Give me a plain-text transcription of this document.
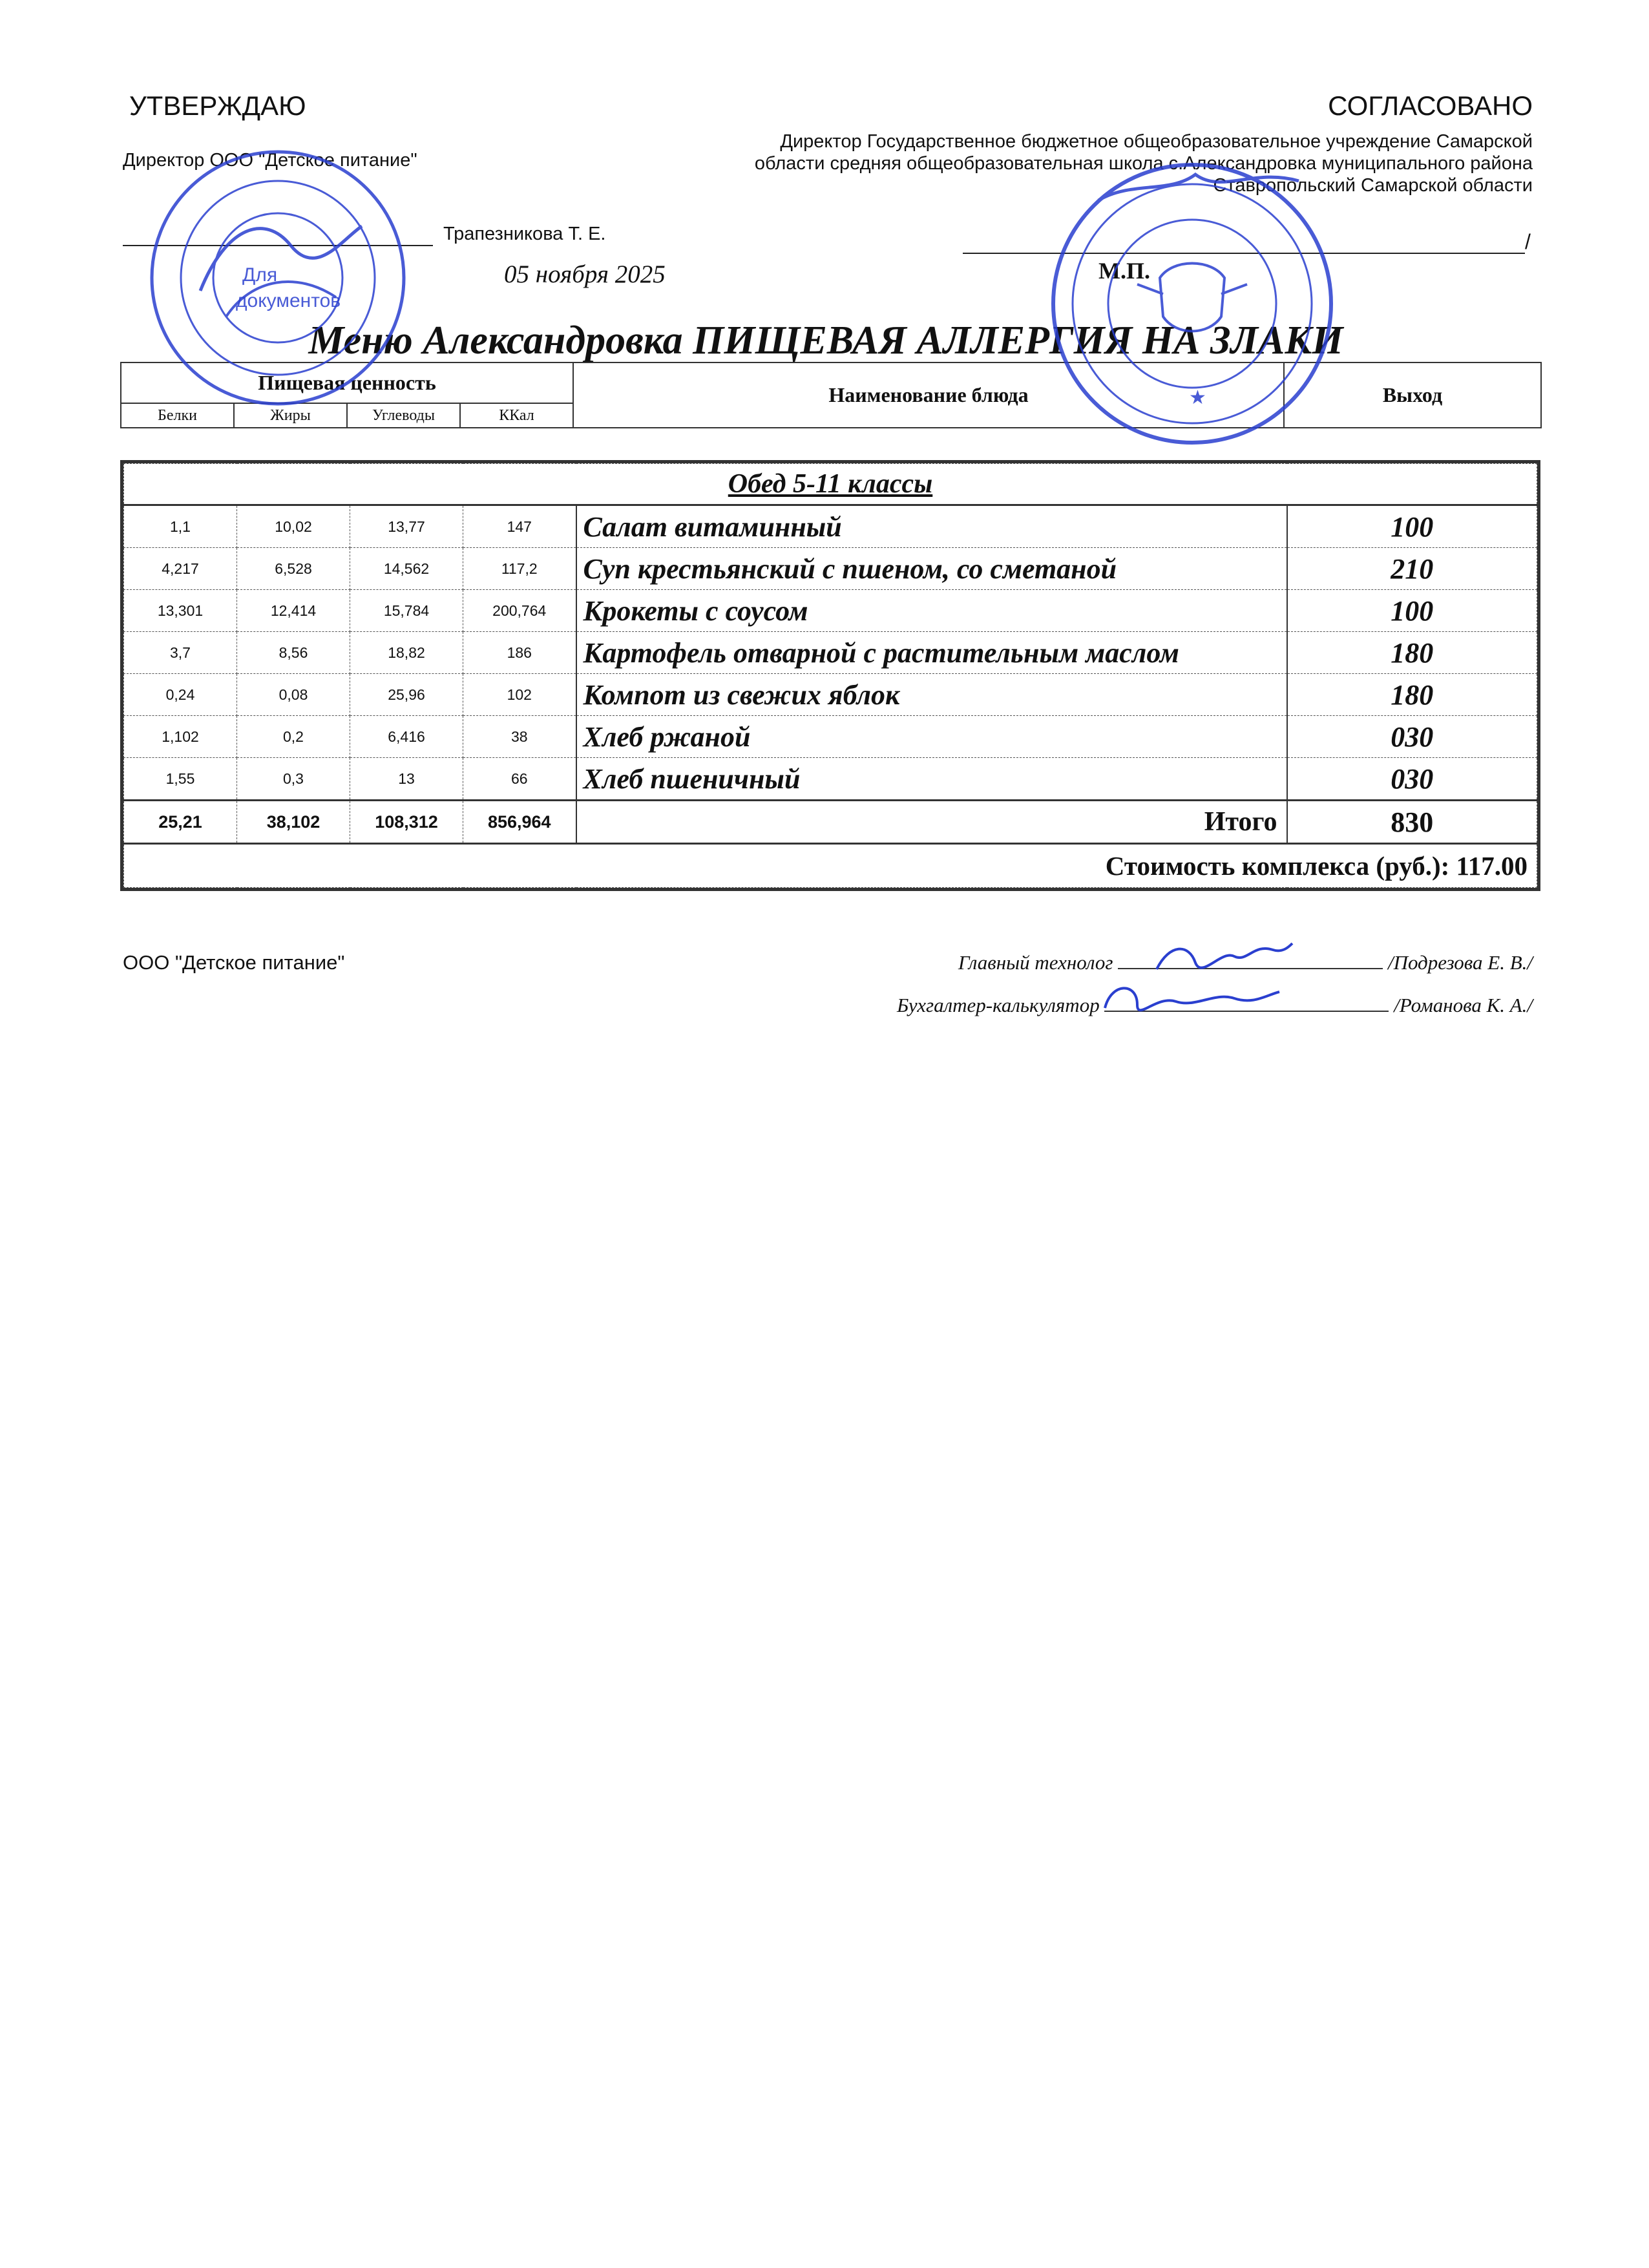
УТВЕРЖДАЮ
Директор ООО "Детское питание"
Трапезникова Т. Е.
05 ноября 2025
СОГЛАСОВАНО
Директор Государственное бюджетное общеобразовательное учреждение Самарской области средняя общеобразовательная школа с.Александровка муниципального района Ставропольский Самарской области
/
М.П.
Меню Александровка ПИЩЕВАЯ АЛЛЕРГИЯ НА ЗЛАКИ
Пищевая ценность				Наименование блюда	Выход
Белки	Жиры	Углеводы	ККал		
Обед 5-11 классы					
1,1	10,02	13,77	147	Салат витаминный	100
4,217	6,528	14,562	117,2	Суп крестьянский с пшеном, со сметаной	210
13,301	12,414	15,784	200,764	Крокеты с соусом	100
3,7	8,56	18,82	186	Картофель отварной с растительным маслом	180
0,24	0,08	25,96	102	Компот из свежих яблок	180
1,102	0,2	6,416	38	Хлеб ржаной	030
1,55	0,3	13	66	Хлеб пшеничный	030
25,21	38,102	108,312	856,964	Итого	830
Стоимость комплекса (руб.): 117.00					
ООО "Детское питание"	Главный технолог	/Подрезова Е. В./
Бухгалтер-калькулятор	/Романова К. А./
Для
документов
★
